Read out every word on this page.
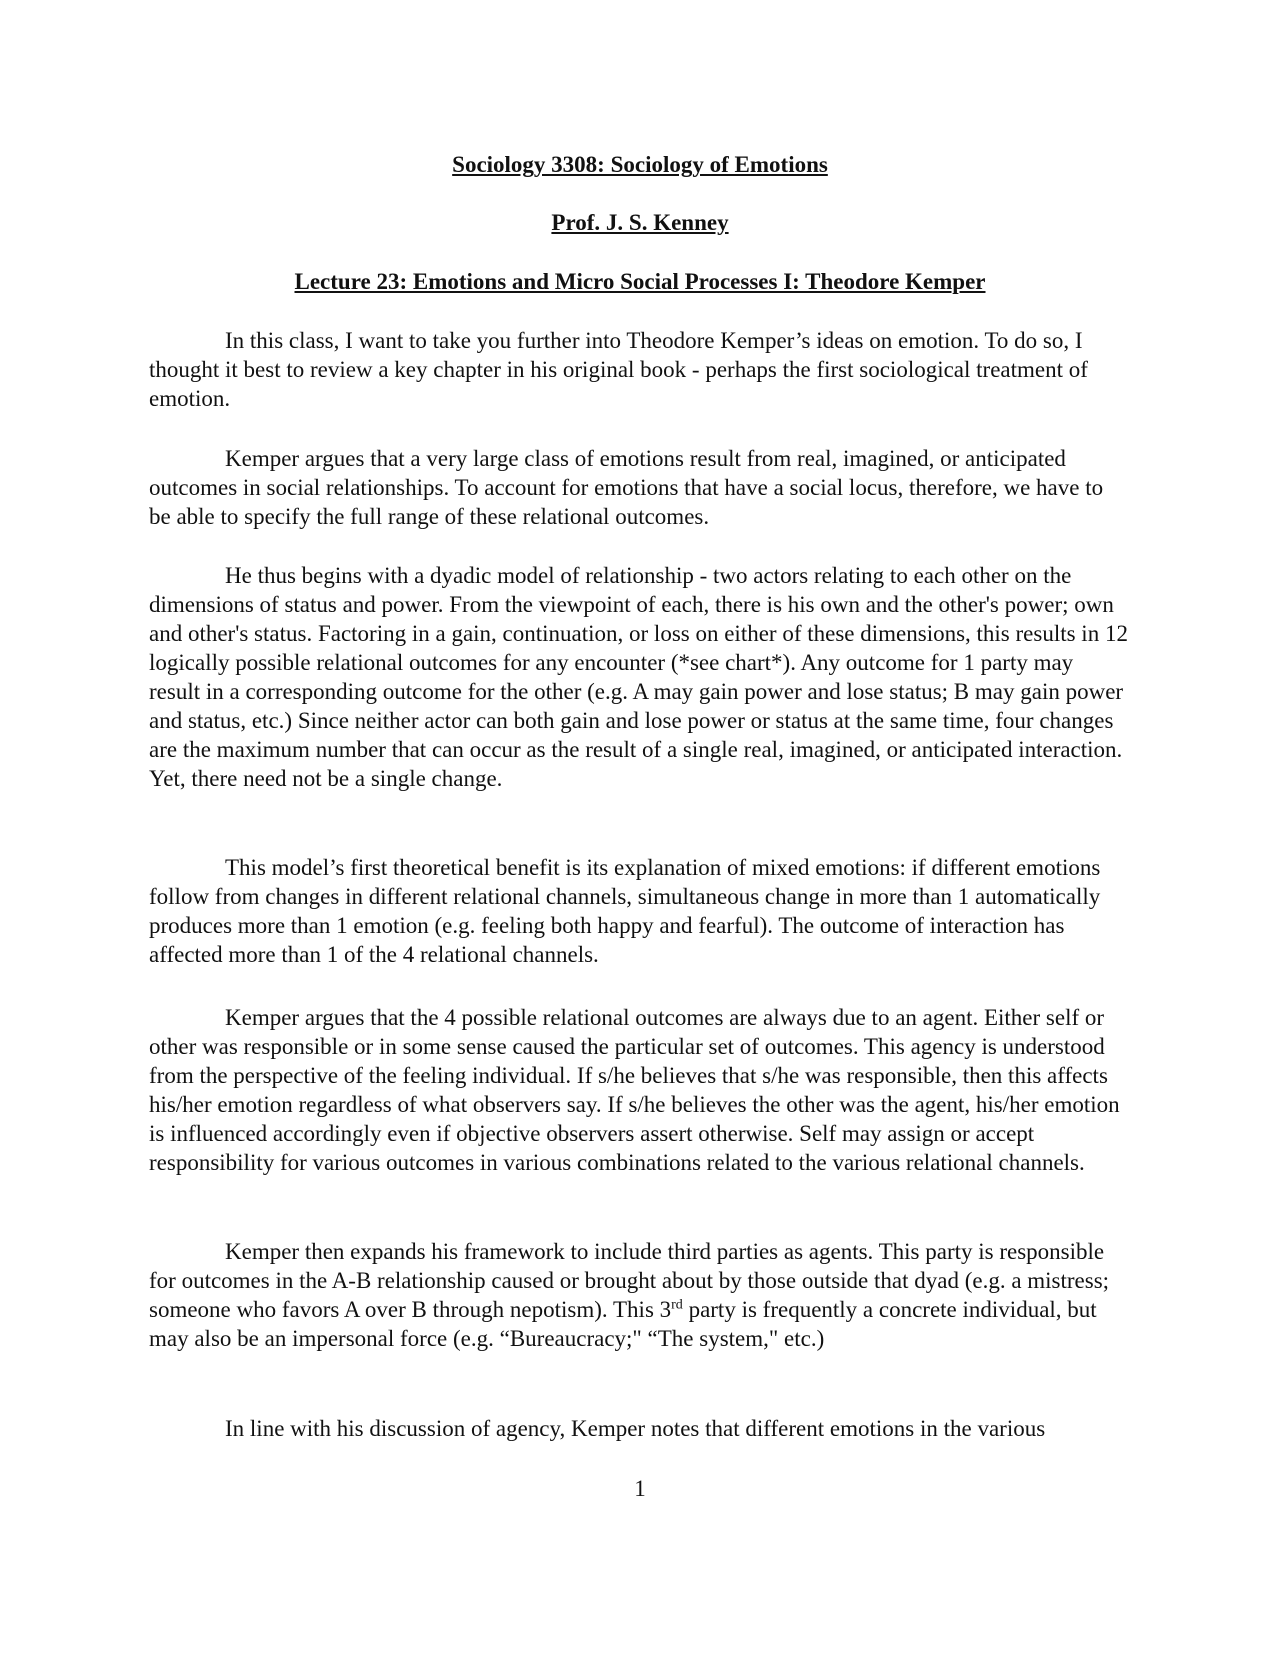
Sociology 3308: Sociology of Emotions
Prof. J. S. Kenney
Lecture 23: Emotions and Micro Social Processes I: Theodore Kemper

In this class, I want to take you further into Theodore Kemper’s ideas on emotion. To do so, I thought it best to review a key chapter in his original book - perhaps the first sociological treatment of emotion.

Kemper argues that a very large class of emotions result from real, imagined, or anticipated outcomes in social relationships. To account for emotions that have a social locus, therefore, we have to be able to specify the full range of these relational outcomes.

He thus begins with a dyadic model of relationship - two actors relating to each other on the dimensions of status and power. From the viewpoint of each, there is his own and the other's power; own and other's status. Factoring in a gain, continuation, or loss on either of these dimensions, this results in 12 logically possible relational outcomes for any encounter (*see chart*). Any outcome for 1 party may result in a corresponding outcome for the other (e.g. A may gain power and lose status; B may gain power and status, etc.) Since neither actor can both gain and lose power or status at the same time, four changes are the maximum number that can occur as the result of a single real, imagined, or anticipated interaction. Yet, there need not be a single change.

This model’s first theoretical benefit is its explanation of mixed emotions: if different emotions follow from changes in different relational channels, simultaneous change in more than 1 automatically produces more than 1 emotion (e.g. feeling both happy and fearful). The outcome of interaction has affected more than 1 of the 4 relational channels.

Kemper argues that the 4 possible relational outcomes are always due to an agent. Either self or other was responsible or in some sense caused the particular set of outcomes. This agency is understood from the perspective of the feeling individual. If s/he believes that s/he was responsible, then this affects his/her emotion regardless of what observers say. If s/he believes the other was the agent, his/her emotion is influenced accordingly even if objective observers assert otherwise. Self may assign or accept responsibility for various outcomes in various combinations related to the various relational channels.

Kemper then expands his framework to include third parties as agents. This party is responsible for outcomes in the A-B relationship caused or brought about by those outside that dyad (e.g. a mistress; someone who favors A over B through nepotism). This 3rd party is frequently a concrete individual, but may also be an impersonal force (e.g. “Bureaucracy;" “The system," etc.)

In line with his discussion of agency, Kemper notes that different emotions in the various

1
